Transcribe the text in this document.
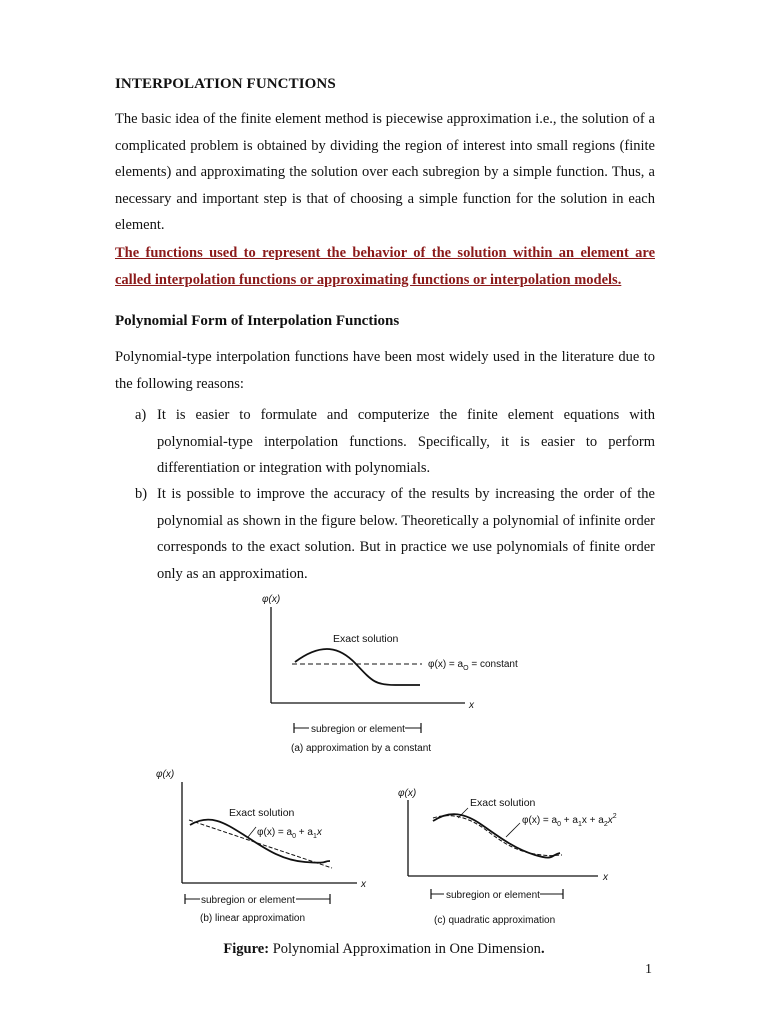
INTERPOLATION FUNCTIONS
The basic idea of the finite element method is piecewise approximation i.e., the solution of a complicated problem is obtained by dividing the region of interest into small regions (finite elements) and approximating the solution over each subregion by a simple function. Thus, a necessary and important step is that of choosing a simple function for the solution in each element.
The functions used to represent the behavior of the solution within an element are called interpolation functions or approximating functions or interpolation models.
Polynomial Form of Interpolation Functions
Polynomial-type interpolation functions have been most widely used in the literature due to the following reasons:
a) It is easier to formulate and computerize the finite element equations with polynomial-type interpolation functions. Specifically, it is easier to perform differentiation or integration with polynomials.
b) It is possible to improve the accuracy of the results by increasing the order of the polynomial as shown in the figure below. Theoretically a polynomial of infinite order corresponds to the exact solution. But in practice we use polynomials of finite order only as an approximation.
φ(x)
x
Exact solution
$\varphi(x) = a_O$ = constant
subregion or element
(a) approximation by a constant
φ(x)
x
Exact solution
$\varphi(x) = a_0 + a_1x$
subregion or element
(b) linear approximation
φ(x)
x
Exact solution
$\varphi(x) = a_0 + a_1x + a_2x^2$
subregion or element
(c) quadratic approximation
Figure: Polynomial Approximation in One Dimension.
1
